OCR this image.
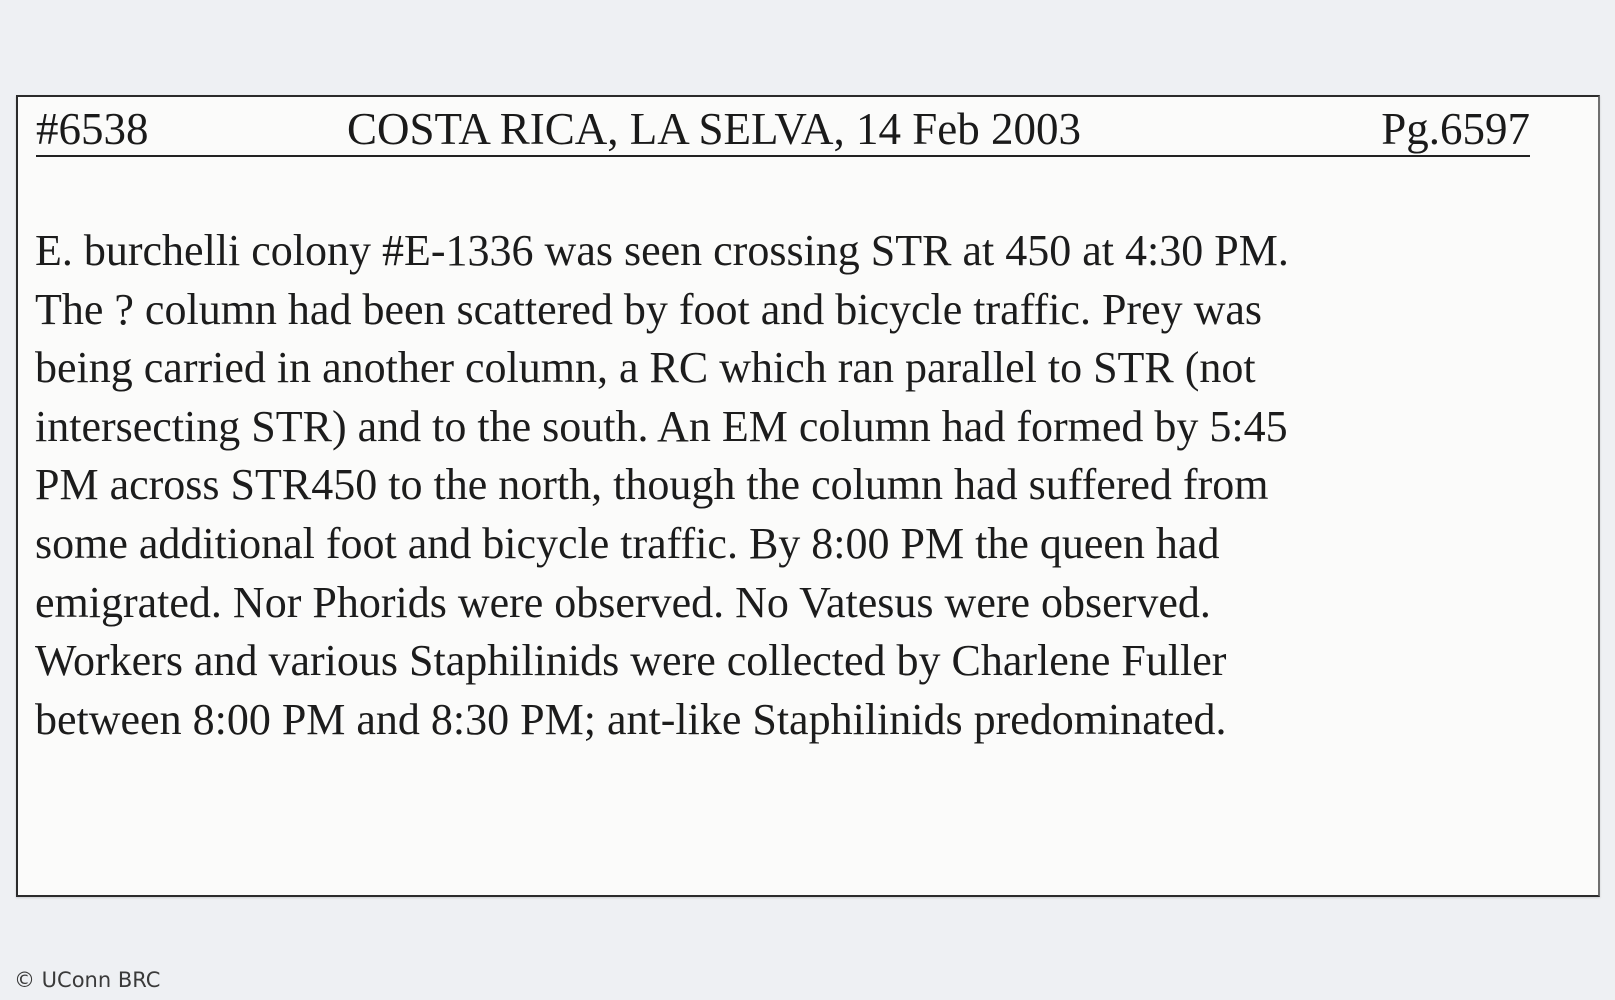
#6538	COSTA RICA, LA SELVA, 14 Feb 2003	Pg.6597

E. burchelli colony #E-1336 was seen crossing STR at 450 at 4:30 PM.
The ? column had been scattered by foot and bicycle traffic. Prey was
being carried in another column, a RC which ran parallel to STR (not
intersecting STR) and to the south. An EM column had formed by 5:45
PM across STR450 to the north, though the column had suffered from
some additional foot and bicycle traffic. By 8:00 PM the queen had
emigrated. Nor Phorids were observed. No Vatesus were observed.
Workers and various Staphilinids were collected by Charlene Fuller
between 8:00 PM and 8:30 PM; ant-like Staphilinids predominated.

© UConn BRC
